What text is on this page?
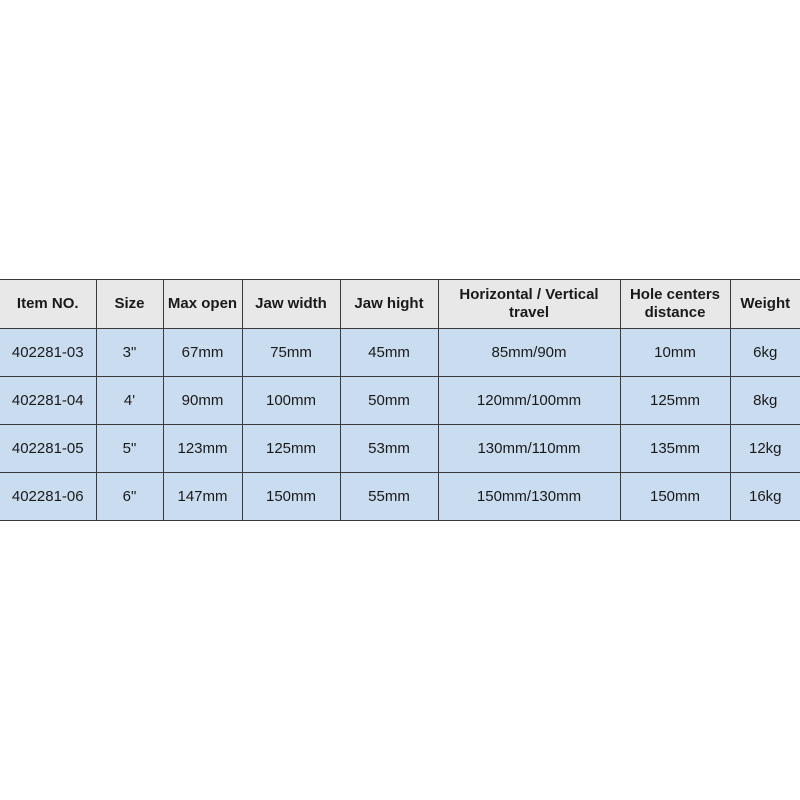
Item NO.	Size	Max open	Jaw width	Jaw hight	Horizontal / Vertical travel	Hole centers distance	Weight
402281-03	3"	67mm	75mm	45mm	85mm/90m	10mm	6kg
402281-04	4'	90mm	100mm	50mm	120mm/100mm	125mm	8kg
402281-05	5"	123mm	125mm	53mm	130mm/110mm	135mm	12kg
402281-06	6"	147mm	150mm	55mm	150mm/130mm	150mm	16kg
